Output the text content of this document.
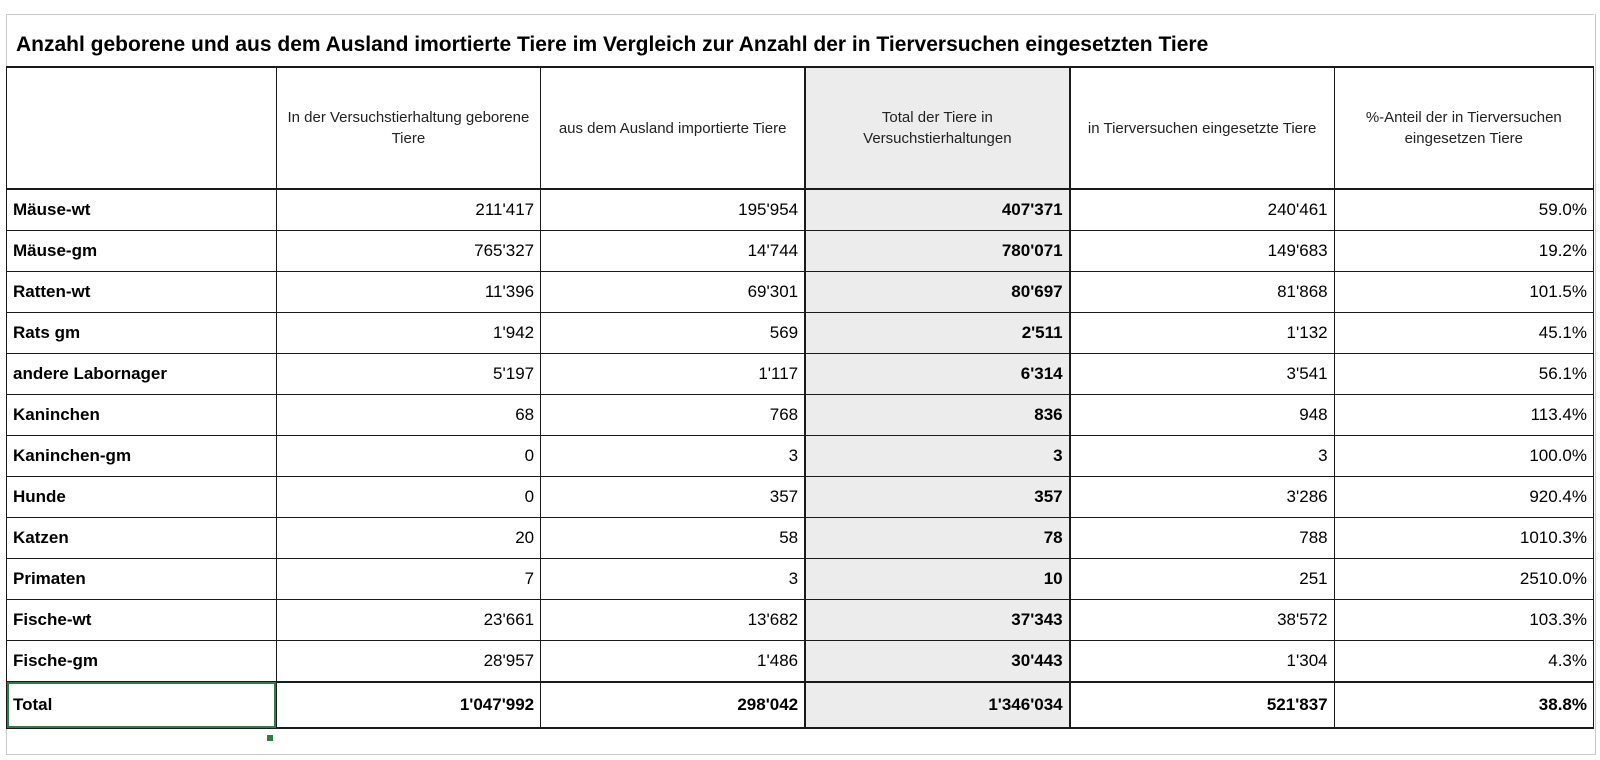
Anzahl geborene und aus dem Ausland imortierte Tiere im Vergleich zur Anzahl der in Tierversuchen eingesetzten Tiere
	In der Versuchstierhaltung geborene Tiere	aus dem Ausland importierte Tiere	Total der Tiere in Versuchstierhaltungen	in Tierversuchen eingesetzte Tiere	%-Anteil der in Tierversuchen eingesetzen Tiere
Mäuse-wt	211'417	195'954	407'371	240'461	59.0%
Mäuse-gm	765'327	14'744	780'071	149'683	19.2%
Ratten-wt	11'396	69'301	80'697	81'868	101.5%
Rats gm	1'942	569	2'511	1'132	45.1%
andere Labornager	5'197	1'117	6'314	3'541	56.1%
Kaninchen	68	768	836	948	113.4%
Kaninchen-gm	0	3	3	3	100.0%
Hunde	0	357	357	3'286	920.4%
Katzen	20	58	78	788	1010.3%
Primaten	7	3	10	251	2510.0%
Fische-wt	23'661	13'682	37'343	38'572	103.3%
Fische-gm	28'957	1'486	30'443	1'304	4.3%
Total	1'047'992	298'042	1'346'034	521'837	38.8%
